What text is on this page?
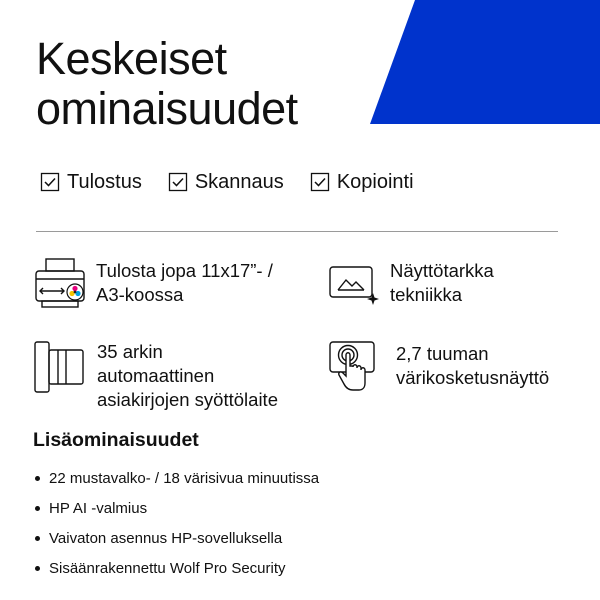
Keskeiset
ominaisuudet
Tulostus	Skannaus	Kopiointi
Tulosta jopa 11x17”- /
A3-koossa
Näyttötarkka
tekniikka
35 arkin
automaattinen
asiakirjojen syöttölaite
2,7 tuuman
värikosketusnäyttö
Lisäominaisuudet
22 mustavalko- / 18 värisivua minuutissa
HP AI -valmius
Vaivaton asennus HP-sovelluksella
Sisäänrakennettu Wolf Pro Security
